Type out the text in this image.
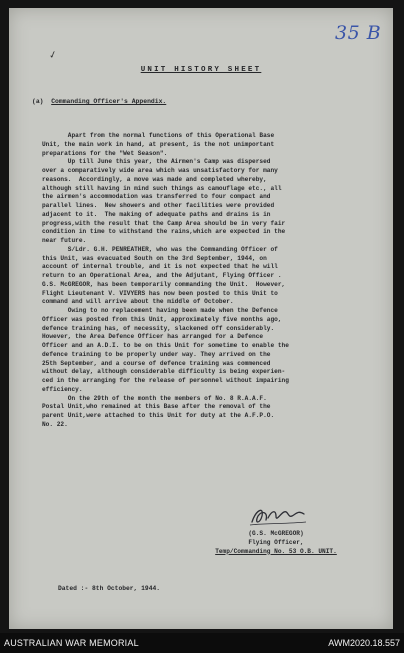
✓
35 B
UNIT HISTORY SHEET
(a) Commanding Officer's Appendix.
Apart from the normal functions of this Operational Base
Unit, the main work in hand, at present, is the not unimportant
preparations for the "Wet Season".
Up till June this year, the Airmen's Camp was dispersed
over a comparatively wide area which was unsatisfactory for many
reasons.  Accordingly, a move was made and completed whereby,
although still having in mind such things as camouflage etc., all
the airmen's accommodation was transferred to four compact and
parallel lines.  New showers and other facilities were provided
adjacent to it.  The making of adequate paths and drains is in
progress,with the result that the Camp Area should be in very fair
condition in time to withstand the rains,which are expected in the
near future.
S/Ldr. G.H. PENREATHER, who was the Commanding Officer of
this Unit, was evacuated South on the 3rd September, 1944, on
account of internal trouble, and it is not expected that he will
return to an Operational Area, and the Adjutant, Flying Officer .
G.S. McGREGOR, has been temporarily commanding the Unit.  However,
Flight Lieutenant V. VIVYERS has now been posted to this Unit to
command and will arrive about the middle of October.
Owing to no replacement having been made when the Defence
Officer was posted from this Unit, approximately five months ago,
defence training has, of necessity, slackened off considerably.
However, the Area Defence Officer has arranged for a Defence
Officer and an A.D.I. to be on this Unit for sometime to enable the
defence training to be properly under way. They arrived on the
25th September, and a course of defence training was commenced
without delay, although considerable difficulty is being experien-
ced in the arranging for the release of personnel without impairing
efficiency.
On the 29th of the month the members of No. 8 R.A.A.F.
Postal Unit,who remained at this Base after the removal of the
parent Unit,were attached to this Unit for duty at the A.F.P.O.
No. 22.
(G.S. McGREGOR)
Flying Officer,
Temp/Commanding No. 53 O.B. UNIT.
Dated :- 8th October, 1944.
AUSTRALIAN WAR MEMORIAL	AWM2020.18.557
